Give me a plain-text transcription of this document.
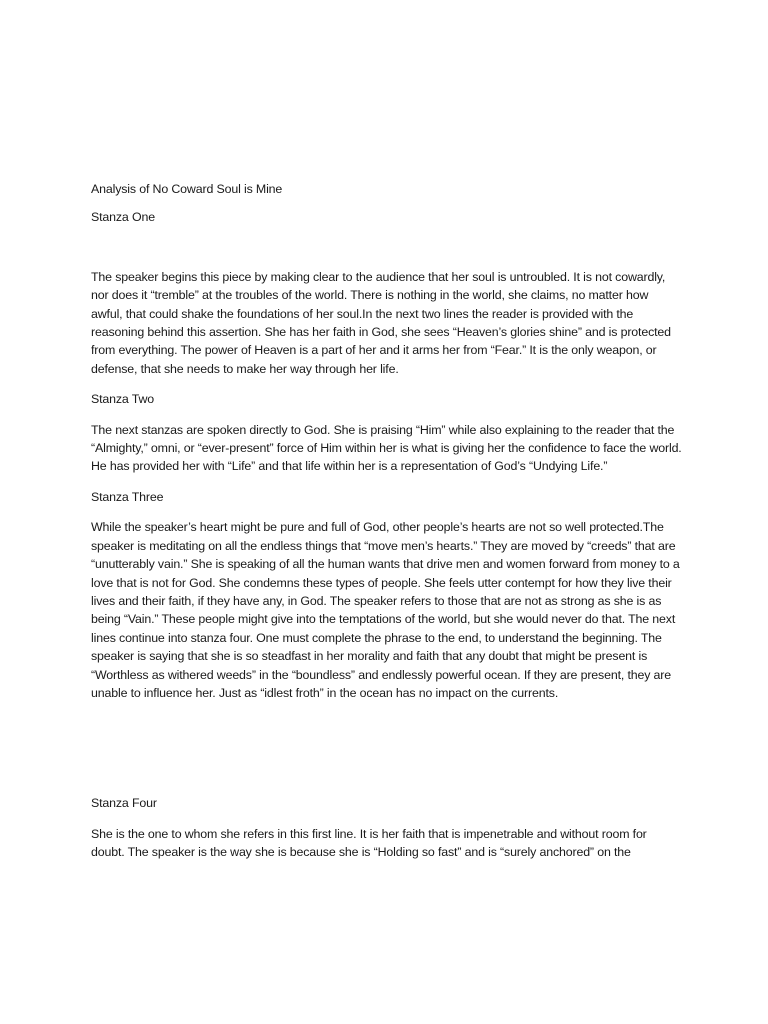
Analysis of No Coward Soul is Mine
Stanza One

The speaker begins this piece by making clear to the audience that her soul is untroubled. It is not cowardly, nor does it “tremble” at the troubles of the world. There is nothing in the world, she claims, no matter how awful, that could shake the foundations of her soul.In the next two lines the reader is provided with the reasoning behind this assertion. She has her faith in God, she sees “Heaven’s glories shine” and is protected from everything. The power of Heaven is a part of her and it arms her from “Fear.” It is the only weapon, or defense, that she needs to make her way through her life.

Stanza Two

The next stanzas are spoken directly to God. She is praising “Him” while also explaining to the reader that the “Almighty,” omni, or “ever-present” force of Him within her is what is giving her the confidence to face the world. He has provided her with “Life” and that life within her is a representation of God’s “Undying Life.”

Stanza Three

While the speaker’s heart might be pure and full of God, other people’s hearts are not so well protected.The speaker is meditating on all the endless things that “move men’s hearts.” They are moved by “creeds” that are “unutterably vain.” She is speaking of all the human wants that drive men and women forward from money to a love that is not for God. She condemns these types of people. She feels utter contempt for how they live their lives and their faith, if they have any, in God. The speaker refers to those that are not as strong as she is as being “Vain.” These people might give into the temptations of the world, but she would never do that. The next lines continue into stanza four. One must complete the phrase to the end, to understand the beginning. The speaker is saying that she is so steadfast in her morality and faith that any doubt that might be present is “Worthless as withered weeds” in the “boundless” and endlessly powerful ocean. If they are present, they are unable to influence her. Just as “idlest froth” in the ocean has no impact on the currents.

Stanza Four

She is the one to whom she refers in this first line. It is her faith that is impenetrable and without room for doubt. The speaker is the way she is because she is “Holding so fast” and is “surely anchored” on the
